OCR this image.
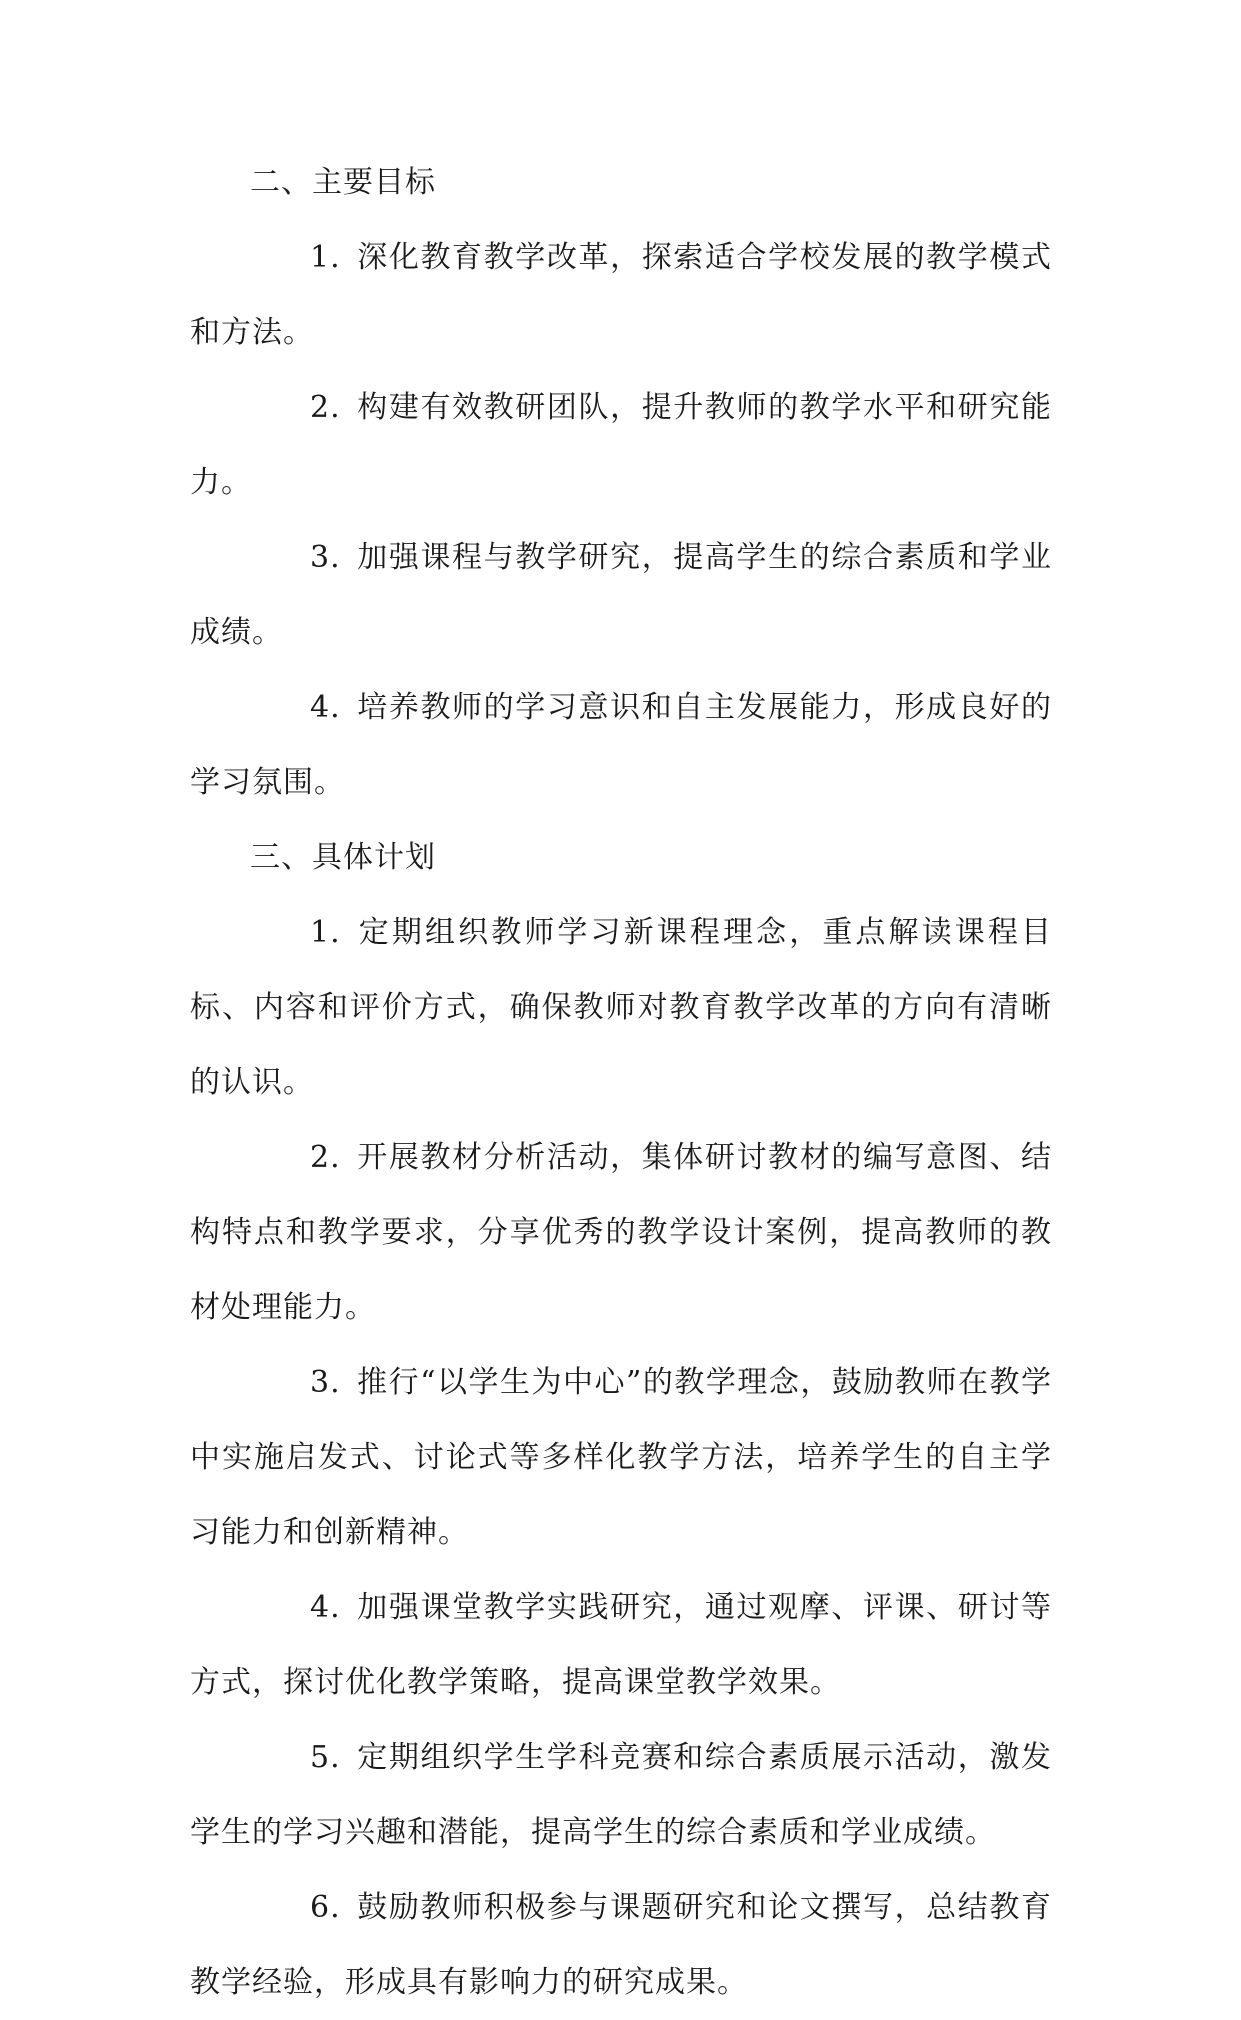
二、主要目标

1. 深化教育教学改革，探索适合学校发展的教学模式和方法。

2. 构建有效教研团队，提升教师的教学水平和研究能力。

3. 加强课程与教学研究，提高学生的综合素质和学业成绩。

4. 培养教师的学习意识和自主发展能力，形成良好的学习氛围。

三、具体计划

1. 定期组织教师学习新课程理念，重点解读课程目标、内容和评价方式，确保教师对教育教学改革的方向有清晰的认识。

2. 开展教材分析活动，集体研讨教材的编写意图、结构特点和教学要求，分享优秀的教学设计案例，提高教师的教材处理能力。

3. 推行“以学生为中心”的教学理念，鼓励教师在教学中实施启发式、讨论式等多样化教学方法，培养学生的自主学习能力和创新精神。

4. 加强课堂教学实践研究，通过观摩、评课、研讨等方式，探讨优化教学策略，提高课堂教学效果。

5. 定期组织学生学科竞赛和综合素质展示活动，激发学生的学习兴趣和潜能，提高学生的综合素质和学业成绩。

6. 鼓励教师积极参与课题研究和论文撰写，总结教育教学经验，形成具有影响力的研究成果。
